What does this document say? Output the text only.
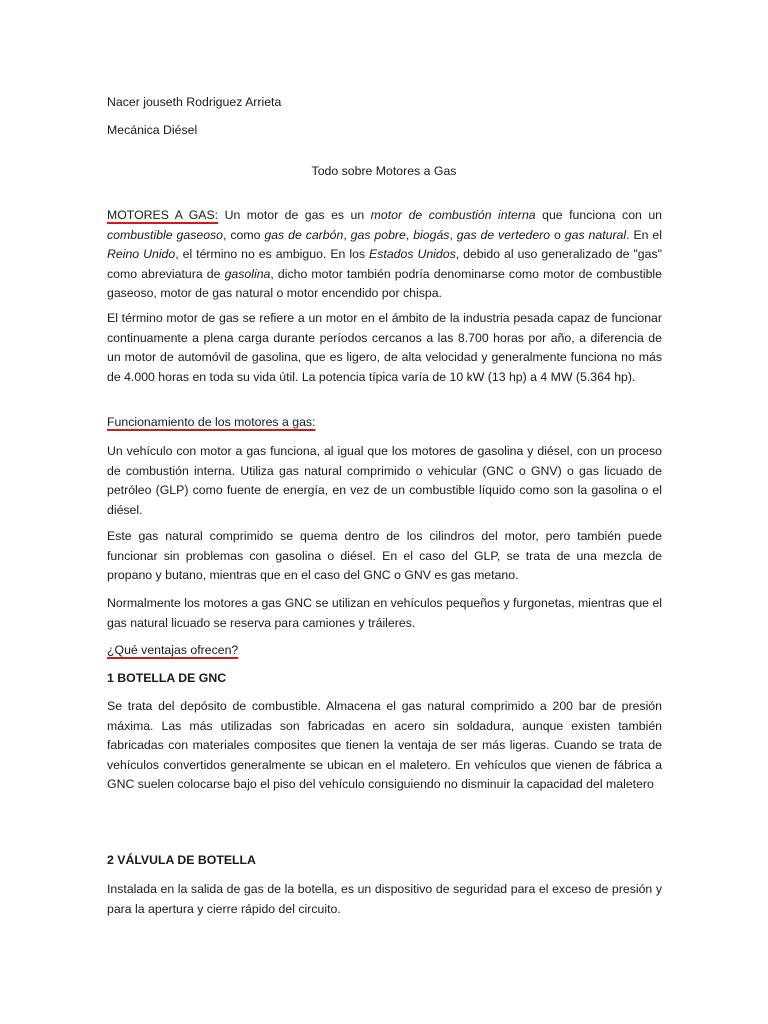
Nacer jouseth Rodriguez Arrieta

Mecánica Diésel

Todo sobre Motores a Gas

MOTORES A GAS: Un motor de gas es un motor de combustión interna que funciona con un combustible gaseoso, como gas de carbón, gas pobre, biogás, gas de vertedero o gas natural. En el Reino Unido, el término no es ambiguo. En los Estados Unidos, debido al uso generalizado de "gas" como abreviatura de gasolina, dicho motor también podría denominarse como motor de combustible gaseoso, motor de gas natural o motor encendido por chispa.

El término motor de gas se refiere a un motor en el ámbito de la industria pesada capaz de funcionar continuamente a plena carga durante períodos cercanos a las 8.700 horas por año, a diferencia de un motor de automóvil de gasolina, que es ligero, de alta velocidad y generalmente funciona no más de 4.000 horas en toda su vida útil. La potencia típica varía de 10 kW (13 hp) a 4 MW (5.364 hp).

Funcionamiento de los motores a gas:

Un vehículo con motor a gas funciona, al igual que los motores de gasolina y diésel, con un proceso de combustión interna. Utiliza gas natural comprimido o vehicular (GNC o GNV) o gas licuado de petróleo (GLP) como fuente de energía, en vez de un combustible líquido como son la gasolina o el diésel.

Este gas natural comprimido se quema dentro de los cilindros del motor, pero también puede funcionar sin problemas con gasolina o diésel. En el caso del GLP, se trata de una mezcla de propano y butano, mientras que en el caso del GNC o GNV es gas metano.

Normalmente los motores a gas GNC se utilizan en vehículos pequeños y furgonetas, mientras que el gas natural licuado se reserva para camiones y tráileres.

¿Qué ventajas ofrecen?

1 BOTELLA DE GNC

Se trata del depósito de combustible. Almacena el gas natural comprimido a 200 bar de presión máxima. Las más utilizadas son fabricadas en acero sin soldadura, aunque existen también fabricadas con materiales composites que tienen la ventaja de ser más ligeras. Cuando se trata de vehículos convertidos generalmente se ubican en el maletero. En vehículos que vienen de fábrica a GNC suelen colocarse bajo el piso del vehículo consiguiendo no disminuir la capacidad del maletero

2 VÁLVULA DE BOTELLA

Instalada en la salida de gas de la botella, es un dispositivo de seguridad para el exceso de presión y para la apertura y cierre rápido del circuito.
